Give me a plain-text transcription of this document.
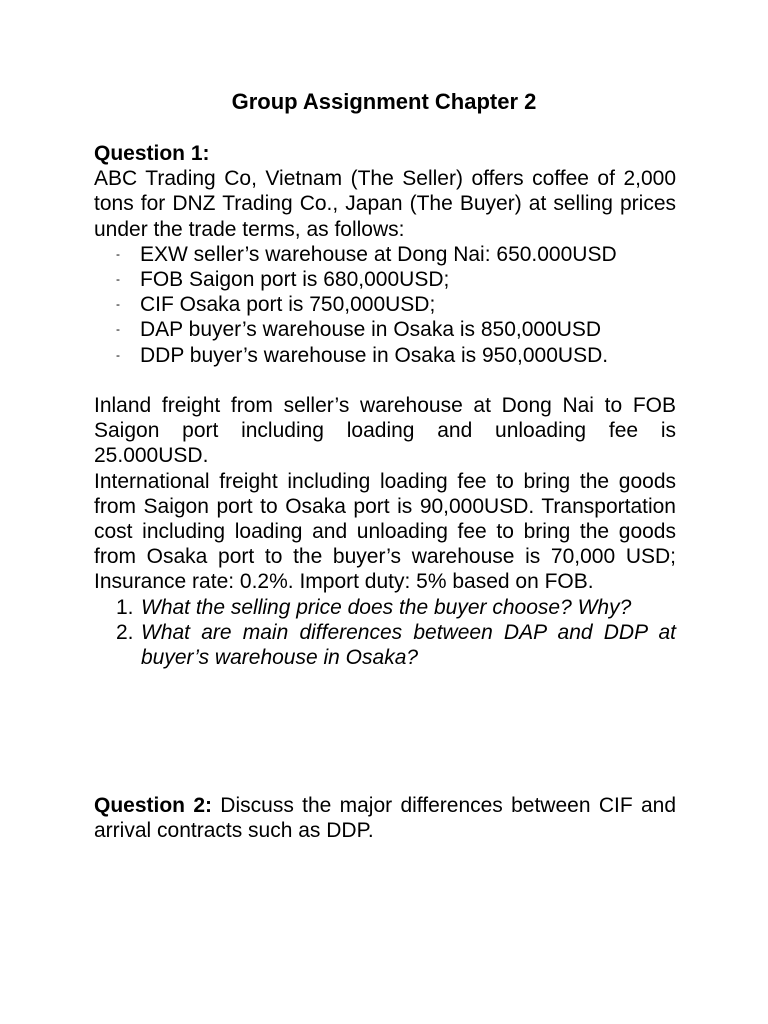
Group Assignment Chapter 2
Question 1:
ABC Trading Co, Vietnam (The Seller) offers coffee of 2,000 tons for DNZ Trading Co., Japan (The Buyer) at selling prices under the trade terms, as follows:
- EXW seller’s warehouse at Dong Nai: 650.000USD
- FOB Saigon port is 680,000USD;
- CIF Osaka port is 750,000USD;
- DAP buyer’s warehouse in Osaka is 850,000USD
- DDP buyer’s warehouse in Osaka is 950,000USD.
Inland freight from seller’s warehouse at Dong Nai to FOB Saigon port including loading and unloading fee is 25.000USD.
International freight including loading fee to bring the goods from Saigon port to Osaka port is 90,000USD. Transportation cost including loading and unloading fee to bring the goods from Osaka port to the buyer’s warehouse is 70,000 USD; Insurance rate: 0.2%. Import duty: 5% based on FOB.
1. What the selling price does the buyer choose? Why?
2. What are main differences between DAP and DDP at buyer’s warehouse in Osaka?
Question 2: Discuss the major differences between CIF and arrival contracts such as DDP.
